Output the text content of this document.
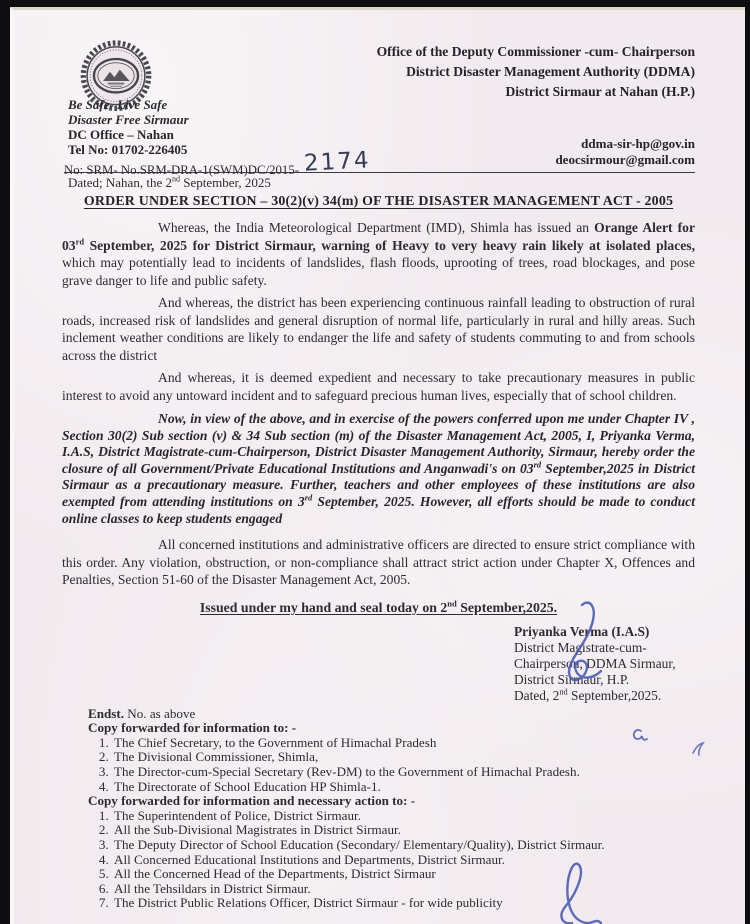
Office of the Deputy Commissioner -cum- Chairperson
District Disaster Management Authority (DDMA)
District Sirmaur at Nahan (H.P.)
Be Safe- Live Safe
Disaster Free Sirmaur
DC Office – Nahan
Tel No: 01702-226405	ddma-sir-hp@gov.in
deocsirmour@gmail.com
No: SRM- No.SRM-DRA-1(SWM)DC/2015- 2174
Dated; Nahan, the 2nd September, 2025
ORDER UNDER SECTION – 30(2)(v) 34(m) OF THE DISASTER MANAGEMENT ACT - 2005

Whereas, the India Meteorological Department (IMD), Shimla has issued an Orange Alert for 03rd September, 2025 for District Sirmaur, warning of Heavy to very heavy rain likely at isolated places, which may potentially lead to incidents of landslides, flash floods, uprooting of trees, road blockages, and pose grave danger to life and public safety.

And whereas, the district has been experiencing continuous rainfall leading to obstruction of rural roads, increased risk of landslides and general disruption of normal life, particularly in rural and hilly areas. Such inclement weather conditions are likely to endanger the life and safety of students commuting to and from schools across the district

And whereas, it is deemed expedient and necessary to take precautionary measures in public interest to avoid any untoward incident and to safeguard precious human lives, especially that of school children.

Now, in view of the above, and in exercise of the powers conferred upon me under Chapter IV , Section 30(2) Sub section (v) & 34 Sub section (m) of the Disaster Management Act, 2005, I, Priyanka Verma, I.A.S, District Magistrate-cum-Chairperson, District Disaster Management Authority, Sirmaur, hereby order the closure of all Government/Private Educational Institutions and Anganwadi's on 03rd September,2025 in District Sirmaur as a precautionary measure. Further, teachers and other employees of these institutions are also exempted from attending institutions on 3rd September, 2025. However, all efforts should be made to conduct online classes to keep students engaged

All concerned institutions and administrative officers are directed to ensure strict compliance with this order. Any violation, obstruction, or non-compliance shall attract strict action under Chapter X, Offences and Penalties, Section 51-60 of the Disaster Management Act, 2005.

Issued under my hand and seal today on 2nd September,2025.
Priyanka Verma (I.A.S)
District Magistrate-cum-
Chairperson, DDMA Sirmaur,
District Sirmaur, H.P.
Dated, 2nd September,2025.
Endst. No. as above
Copy forwarded for information to: -
1. The Chief Secretary, to the Government of Himachal Pradesh
2. The Divisional Commissioner, Shimla,
3. The Director-cum-Special Secretary (Rev-DM) to the Government of Himachal Pradesh.
4. The Directorate of School Education HP Shimla-1.
Copy forwarded for information and necessary action to: -
1. The Superintendent of Police, District Sirmaur.
2. All the Sub-Divisional Magistrates in District Sirmaur.
3. The Deputy Director of School Education (Secondary/ Elementary/Quality), District Sirmaur.
4. All Concerned Educational Institutions and Departments, District Sirmaur.
5. All the Concerned Head of the Departments, District Sirmaur
6. All the Tehsildars in District Sirmaur.
7. The District Public Relations Officer, District Sirmaur - for wide publicity
